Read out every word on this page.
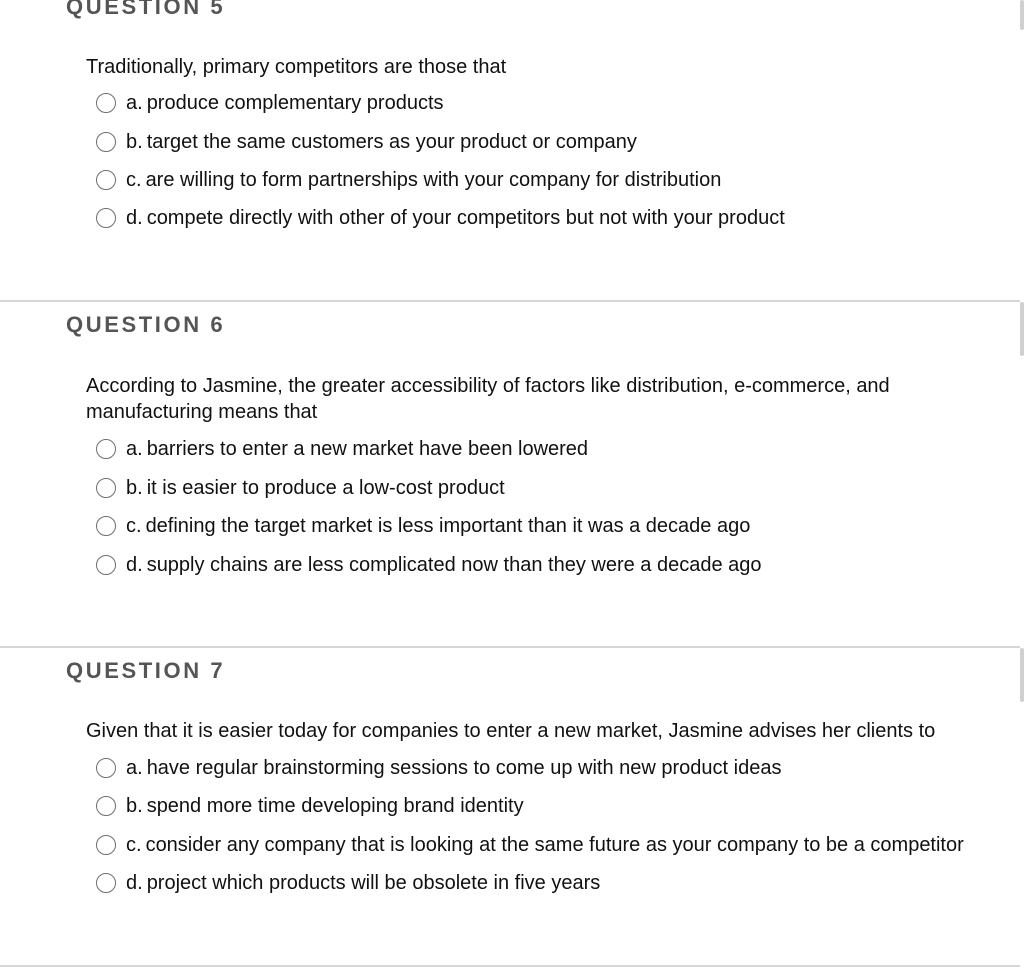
QUESTION 5
Traditionally, primary competitors are those that
a. produce complementary products
b. target the same customers as your product or company
c. are willing to form partnerships with your company for distribution
d. compete directly with other of your competitors but not with your product
QUESTION 6
According to Jasmine, the greater accessibility of factors like distribution, e-commerce, and manufacturing means that
a. barriers to enter a new market have been lowered
b. it is easier to produce a low-cost product
c. defining the target market is less important than it was a decade ago
d. supply chains are less complicated now than they were a decade ago
QUESTION 7
Given that it is easier today for companies to enter a new market, Jasmine advises her clients to
a. have regular brainstorming sessions to come up with new product ideas
b. spend more time developing brand identity
c. consider any company that is looking at the same future as your company to be a competitor
d. project which products will be obsolete in five years
